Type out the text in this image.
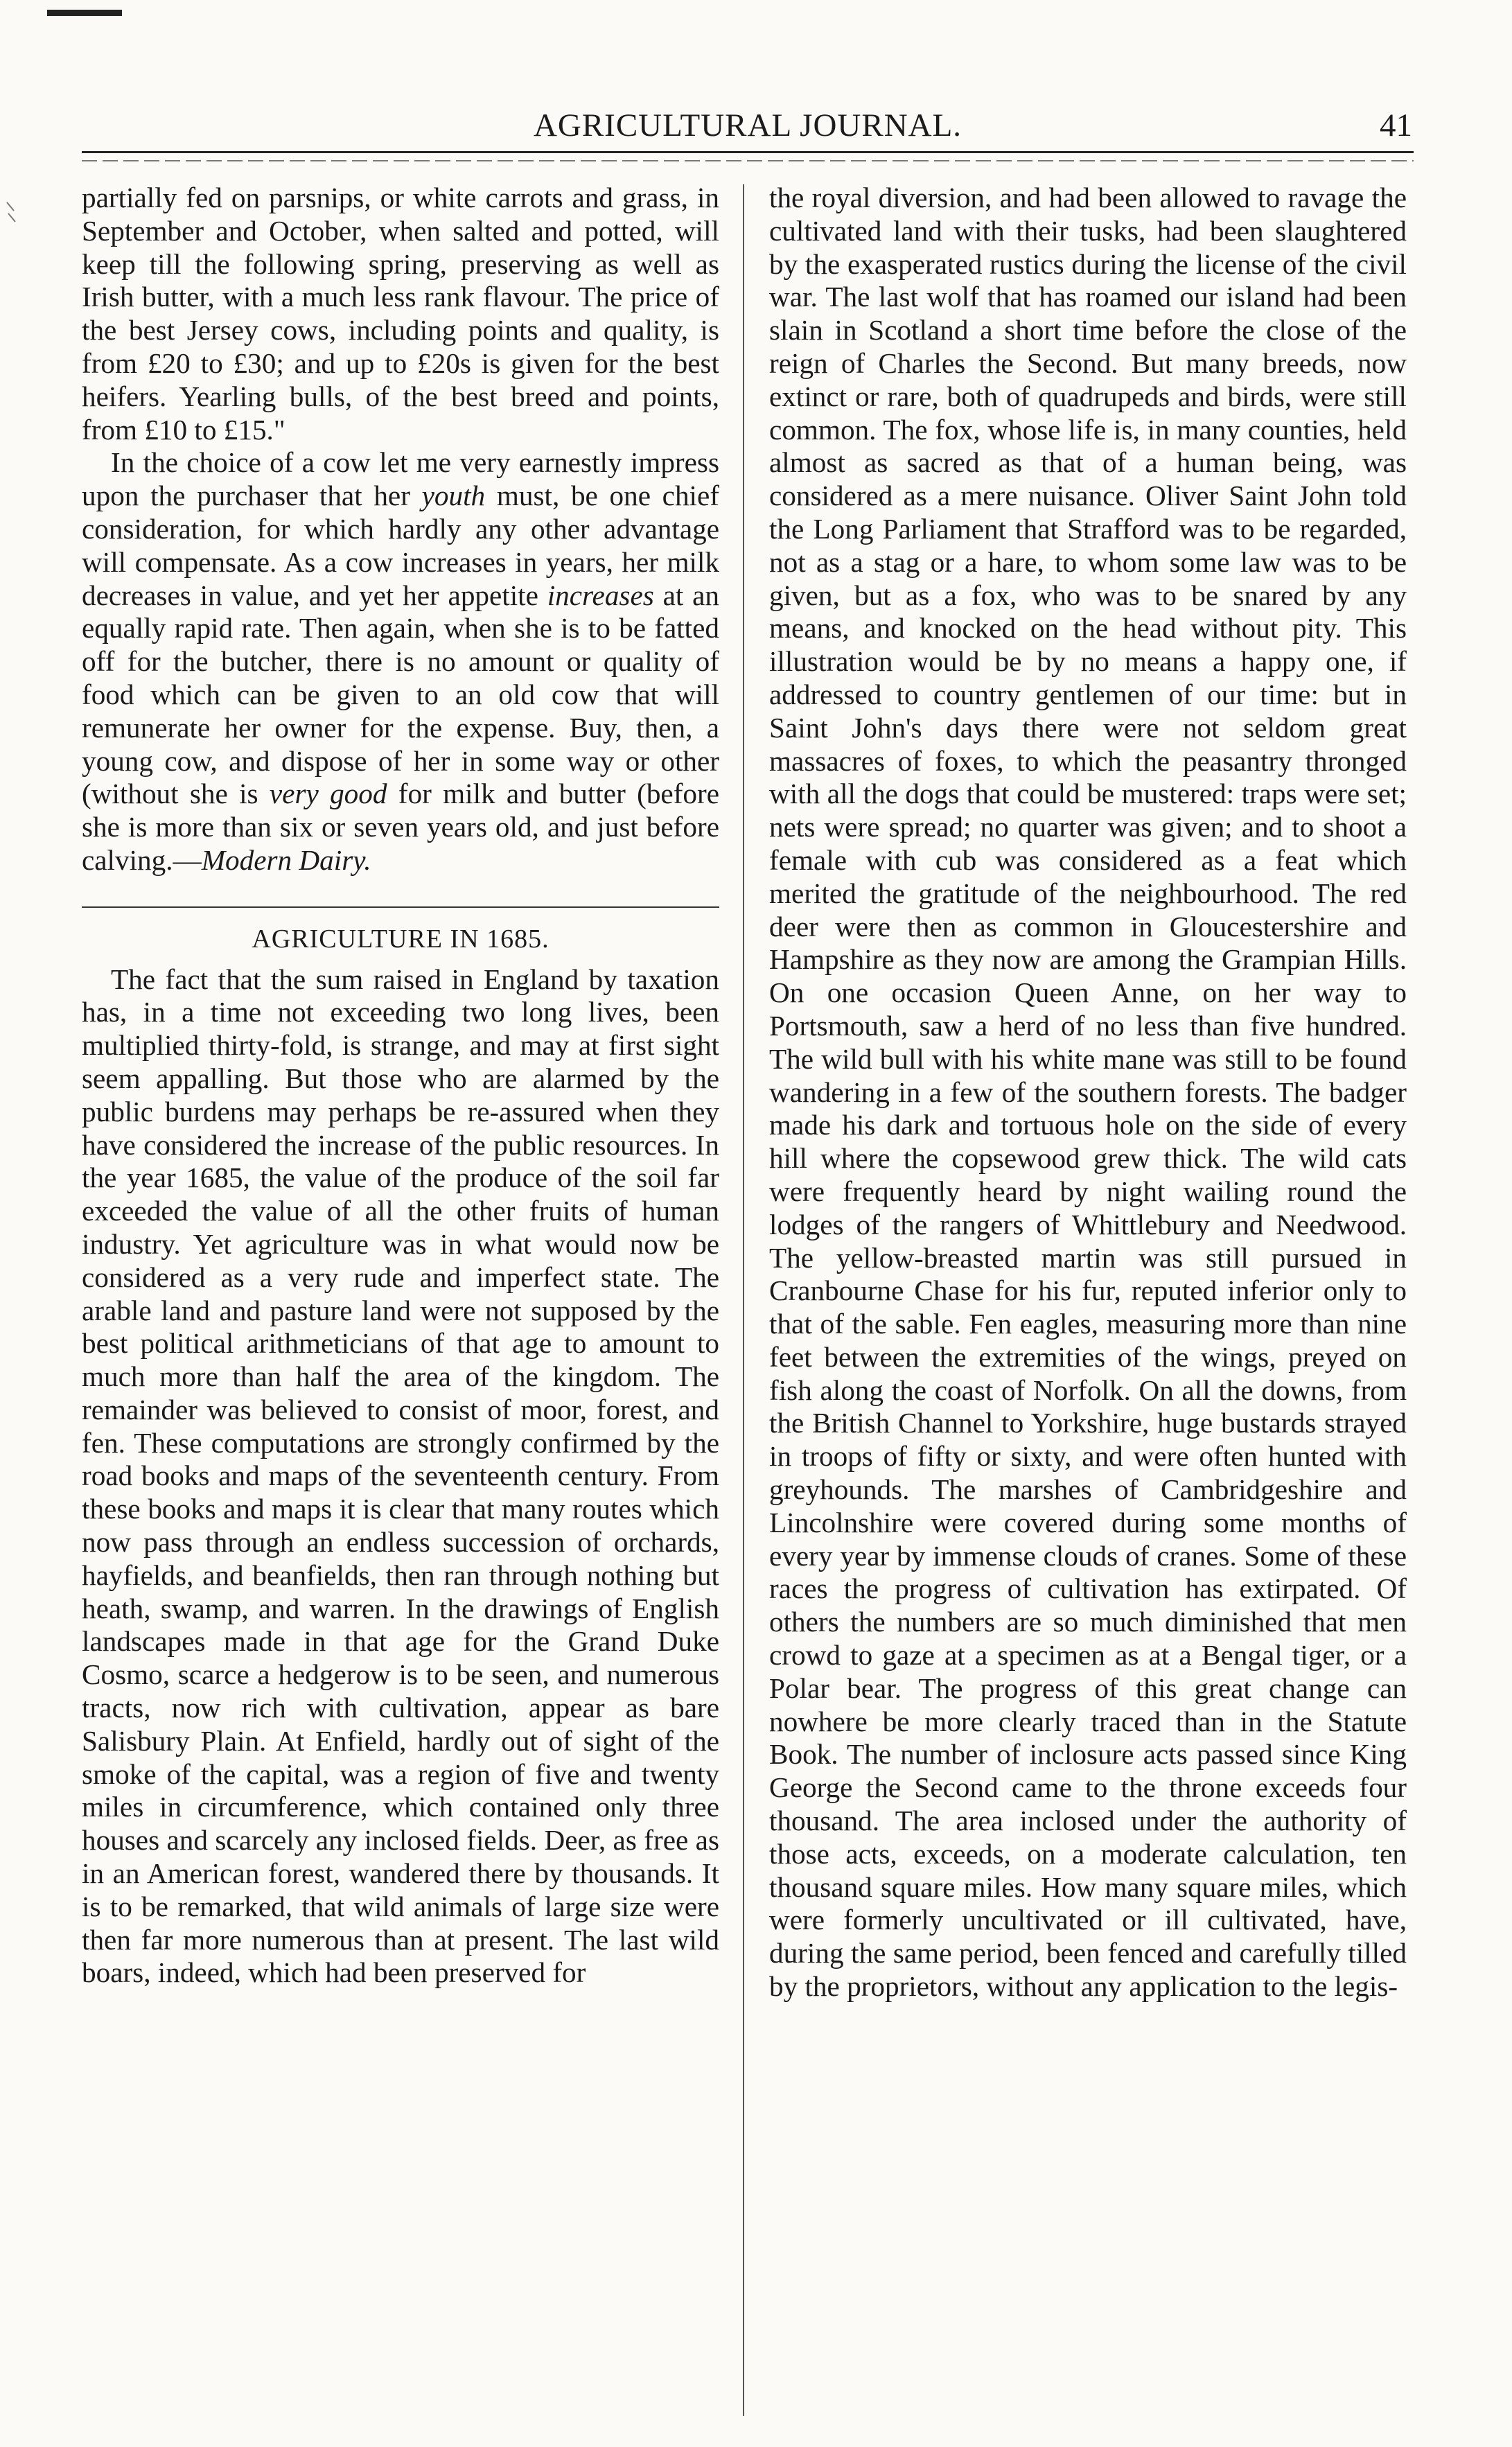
AGRICULTURAL JOURNAL.	41

partially fed on parsnips, or white carrots and grass, in September and October, when salted and potted, will keep till the following spring, preserving as well as Irish butter, with a much less rank flavour. The price of the best Jersey cows, including points and quality, is from £20 to £30; and up to £20s is given for the best heifers. Yearling bulls, of the best breed and points, from £10 to £15."

In the choice of a cow let me very earnestly impress upon the purchaser that her youth must, be one chief consideration, for which hardly any other advantage will compensate. As a cow increases in years, her milk decreases in value, and yet her appetite increases at an equally rapid rate. Then again, when she is to be fatted off for the butcher, there is no amount or quality of food which can be given to an old cow that will remunerate her owner for the expense. Buy, then, a young cow, and dispose of her in some way or other (without she is very good for milk and butter (before she is more than six or seven years old, and just before calving.—Modern Dairy.

AGRICULTURE IN 1685.

The fact that the sum raised in England by taxation has, in a time not exceeding two long lives, been multiplied thirty-fold, is strange, and may at first sight seem appalling. But those who are alarmed by the public burdens may perhaps be re-assured when they have considered the increase of the public resources. In the year 1685, the value of the produce of the soil far exceeded the value of all the other fruits of human industry. Yet agriculture was in what would now be considered as a very rude and imperfect state. The arable land and pasture land were not supposed by the best political arithmeticians of that age to amount to much more than half the area of the kingdom. The remainder was believed to consist of moor, forest, and fen. These computations are strongly confirmed by the road books and maps of the seventeenth century. From these books and maps it is clear that many routes which now pass through an endless succession of orchards, hayfields, and beanfields, then ran through nothing but heath, swamp, and warren. In the drawings of English landscapes made in that age for the Grand Duke Cosmo, scarce a hedgerow is to be seen, and numerous tracts, now rich with cultivation, appear as bare Salisbury Plain. At Enfield, hardly out of sight of the smoke of the capital, was a region of five and twenty miles in circumference, which contained only three houses and scarcely any inclosed fields. Deer, as free as in an American forest, wandered there by thousands. It is to be remarked, that wild animals of large size were then far more numerous than at present. The last wild boars, indeed, which had been preserved for

the royal diversion, and had been allowed to ravage the cultivated land with their tusks, had been slaughtered by the exasperated rustics during the license of the civil war. The last wolf that has roamed our island had been slain in Scotland a short time before the close of the reign of Charles the Second. But many breeds, now extinct or rare, both of quadrupeds and birds, were still common. The fox, whose life is, in many counties, held almost as sacred as that of a human being, was considered as a mere nuisance. Oliver Saint John told the Long Parliament that Strafford was to be regarded, not as a stag or a hare, to whom some law was to be given, but as a fox, who was to be snared by any means, and knocked on the head without pity. This illustration would be by no means a happy one, if addressed to country gentlemen of our time: but in Saint John's days there were not seldom great massacres of foxes, to which the peasantry thronged with all the dogs that could be mustered: traps were set; nets were spread; no quarter was given; and to shoot a female with cub was considered as a feat which merited the gratitude of the neighbourhood. The red deer were then as common in Gloucestershire and Hampshire as they now are among the Grampian Hills. On one occasion Queen Anne, on her way to Portsmouth, saw a herd of no less than five hundred. The wild bull with his white mane was still to be found wandering in a few of the southern forests. The badger made his dark and tortuous hole on the side of every hill where the copsewood grew thick. The wild cats were frequently heard by night wailing round the lodges of the rangers of Whittlebury and Needwood. The yellow-breasted martin was still pursued in Cranbourne Chase for his fur, reputed inferior only to that of the sable. Fen eagles, measuring more than nine feet between the extremities of the wings, preyed on fish along the coast of Norfolk. On all the downs, from the British Channel to Yorkshire, huge bustards strayed in troops of fifty or sixty, and were often hunted with greyhounds. The marshes of Cambridgeshire and Lincolnshire were covered during some months of every year by immense clouds of cranes. Some of these races the progress of cultivation has extirpated. Of others the numbers are so much diminished that men crowd to gaze at a specimen as at a Bengal tiger, or a Polar bear. The progress of this great change can nowhere be more clearly traced than in the Statute Book. The number of inclosure acts passed since King George the Second came to the throne exceeds four thousand. The area inclosed under the authority of those acts, exceeds, on a moderate calculation, ten thousand square miles. How many square miles, which were formerly uncultivated or ill cultivated, have, during the same period, been fenced and carefully tilled by the proprietors, without any application to the legis-
